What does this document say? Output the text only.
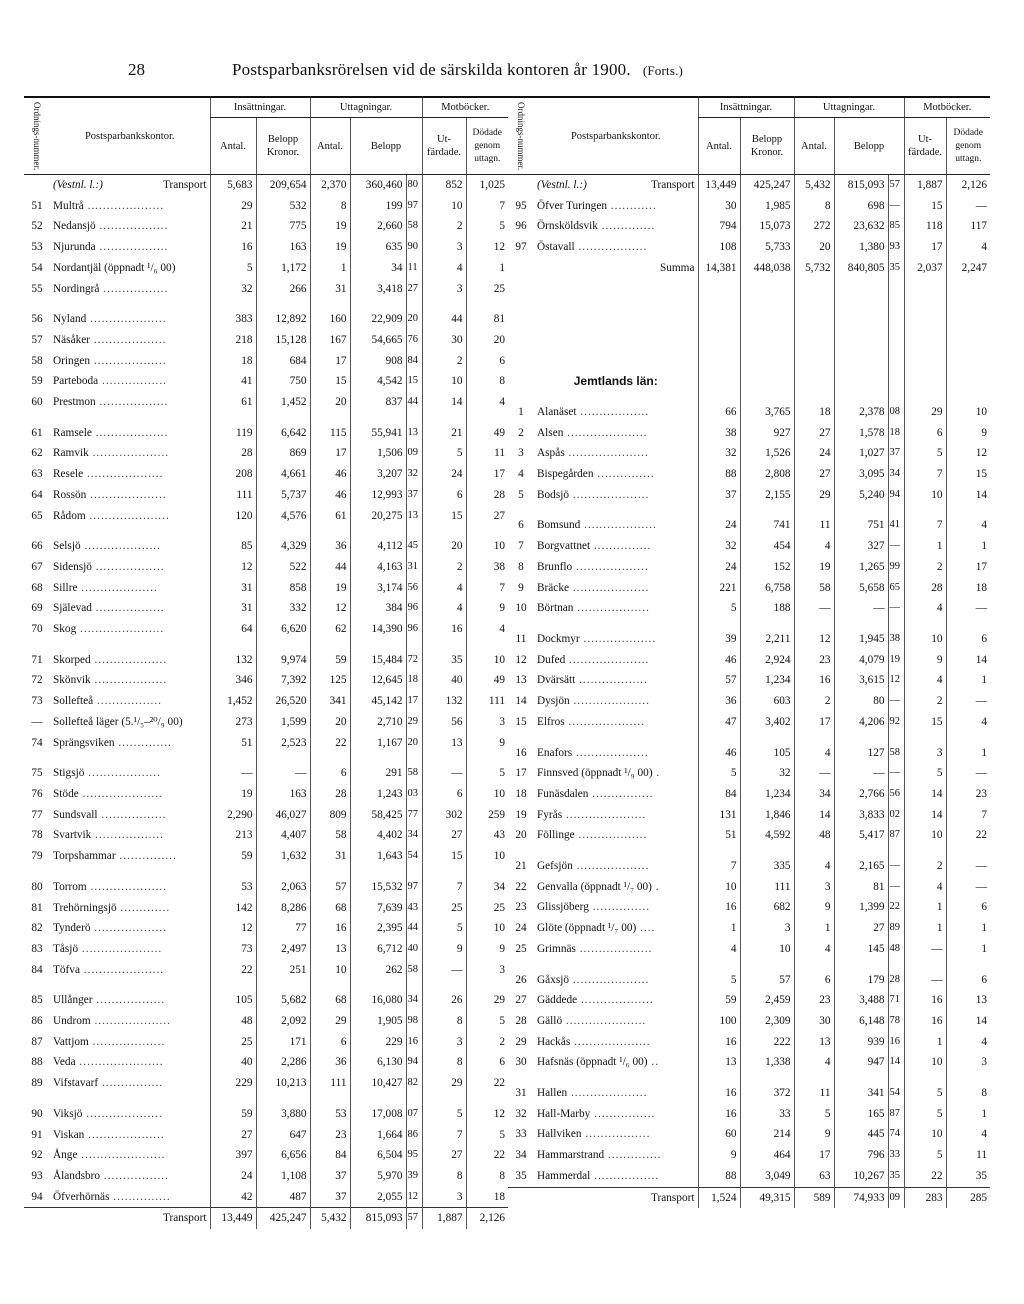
28	Postsparbanksrörelsen vid de särskilda kontoren år 1900. (Forts.)
Ordnings-nummer.	Postsparbankskontor.	Insättningar.		Uttagningar.			Motböcker.	
		Antal.	Belopp Kronor.	Antal.	Belopp		Ut-färdade.	Dödade genom uttagn.
	(Vestnl. l.:) Transport	5,683	209,654	2,370	360,460	80	852	1,025
51	Multrå ....................	29	532	8	199	97	10	7
52	Nedansjö ..................	21	775	19	2,660	58	2	5
53	Njurunda ..................	16	163	19	635	90	3	12
54	Nordantjäl (öppnadt ¹/₆ 00)	5	1,172	1	34	11	4	1
55	Nordingrå .................	32	266	31	3,418	27	3	25

56	Nyland ....................	383	12,892	160	22,909	20	44	81
57	Näsåker ...................	218	15,128	167	54,665	76	30	20
58	Oringen ...................	18	684	17	908	84	2	6
59	Parteboda .................	41	750	15	4,542	15	10	8
60	Prestmon ..................	61	1,452	20	837	44	14	4

61	Ramsele ...................	119	6,642	115	55,941	13	21	49
62	Ramvik ....................	28	869	17	1,506	09	5	11
63	Resele ....................	208	4,661	46	3,207	32	24	17
64	Rossön ....................	111	5,737	46	12,993	37	6	28
65	Rådom .....................	120	4,576	61	20,275	13	15	27

66	Selsjö ....................	85	4,329	36	4,112	45	20	10
67	Sidensjö ..................	12	522	44	4,163	31	2	38
68	Sillre ....................	31	858	19	3,174	56	4	7
69	Själevad ..................	31	332	12	384	96	4	9
70	Skog ......................	64	6,620	62	14,390	96	16	4

71	Skorped ...................	132	9,974	59	15,484	72	35	10
72	Skönvik ...................	346	7,392	125	12,645	18	40	49
73	Sollefteå .................	1,452	26,520	341	45,142	17	132	111
—	Sollefteå läger (5.¹/₅–²⁰/₉ 00)	273	1,599	20	2,710	29	56	3
74	Sprängsviken ..............	51	2,523	22	1,167	20	13	9

75	Stigsjö ...................	—	—	6	291	58	—	5
76	Stöde .....................	19	163	28	1,243	03	6	10
77	Sundsvall .................	2,290	46,027	809	58,425	77	302	259
78	Svartvik ..................	213	4,407	58	4,402	34	27	43
79	Torpshammar ...............	59	1,632	31	1,643	54	15	10

80	Torrom ....................	53	2,063	57	15,532	97	7	34
81	Trehörningsjö .............	142	8,286	68	7,639	43	25	25
82	Tynderö ...................	12	77	16	2,395	44	5	10
83	Tåsjö .....................	73	2,497	13	6,712	40	9	9
84	Töfva .....................	22	251	10	262	58	—	3

85	Ullånger ..................	105	5,682	68	16,080	34	26	29
86	Undrom ....................	48	2,092	29	1,905	98	8	5
87	Vattjom ...................	25	171	6	229	16	3	2
88	Veda ......................	40	2,286	36	6,130	94	8	6
89	Vifstavarf ................	229	10,213	111	10,427	82	29	22

90	Viksjö ....................	59	3,880	53	17,008	07	5	12
91	Viskan ....................	27	647	23	1,664	86	7	5
92	Ånge ......................	397	6,656	84	6,504	95	27	22
93	Ålandsbro .................	24	1,108	37	5,970	39	8	8
94	Öfverhörnäs ...............	42	487	37	2,055	12	3	18

	Transport	13,449	425,247	5,432	815,093	57	1,887	2,126
Ordnings-nummer.	Postsparbankskontor.	Insättningar.		Uttagningar.			Motböcker.	
		Antal.	Belopp Kronor.	Antal.	Belopp		Ut-färdade.	Dödade genom uttagn.
	(Vestnl. l.:) Transport	13,449	425,247	5,432	815,093	57	1,887	2,126
95	Öfver Turingen ............	30	1,985	8	698	—	15	—
96	Örnsköldsvik ..............	794	15,073	272	23,632	85	118	117
97	Östavall ..................	108	5,733	20	1,380	93	17	4

	Summa	14,381	448,038	5,732	840,805	35	2,037	2,247

	Jemtlands län:							

1	Alanäset ..................	66	3,765	18	2,378	08	29	10
2	Alsen .....................	38	927	27	1,578	18	6	9
3	Aspås .....................	32	1,526	24	1,027	37	5	12
4	Bispegården ...............	88	2,808	27	3,095	34	7	15
5	Bodsjö ....................	37	2,155	29	5,240	94	10	14

6	Bomsund ...................	24	741	11	751	41	7	4
7	Borgvattnet ...............	32	454	4	327	—	1	1
8	Brunflo ...................	24	152	19	1,265	99	2	17
9	Bräcke ....................	221	6,758	58	5,658	65	28	18
10	Börtnan ...................	5	188	—	—	—	4	—

11	Dockmyr ...................	39	2,211	12	1,945	38	10	6
12	Dufed .....................	46	2,924	23	4,079	19	9	14
13	Dvärsätt ..................	57	1,234	16	3,615	12	4	1
14	Dysjön ....................	36	603	2	80	—	2	—
15	Elfros ....................	47	3,402	17	4,206	92	15	4

16	Enafors ...................	46	105	4	127	58	3	1
17	Finnsved (öppnadt ¹/₉ 00) .	5	32	—	—	—	5	—
18	Funäsdalen ................	84	1,234	34	2,766	56	14	23
19	Fyrås .....................	131	1,846	14	3,833	02	14	7
20	Föllinge ..................	51	4,592	48	5,417	87	10	22

21	Gefsjön ...................	7	335	4	2,165	—	2	—
22	Genvalla (öppnadt ¹/₇ 00) .	10	111	3	81	—	4	—
23	Glissjöberg ...............	16	682	9	1,399	22	1	6
24	Glöte (öppnadt ¹/₇ 00) ....	1	3	1	27	89	1	1
25	Grimnäs ...................	4	10	4	145	48	—	1

26	Gåxsjö ....................	5	57	6	179	28	—	6
27	Gäddede ...................	59	2,459	23	3,488	71	16	13
28	Gällö .....................	100	2,309	30	6,148	78	16	14
29	Hackås ....................	16	222	13	939	16	1	4
30	Hafsnäs (öppnadt ¹/₆ 00) ..	13	1,338	4	947	14	10	3

31	Hallen ....................	16	372	11	341	54	5	8
32	Hall-Marby ................	16	33	5	165	87	5	1
33	Hallviken .................	60	214	9	445	74	10	4
34	Hammarstrand ..............	9	464	17	796	33	5	11
35	Hammerdal .................	88	3,049	63	10,267	35	22	35

	Transport	1,524	49,315	589	74,933	09	283	285
